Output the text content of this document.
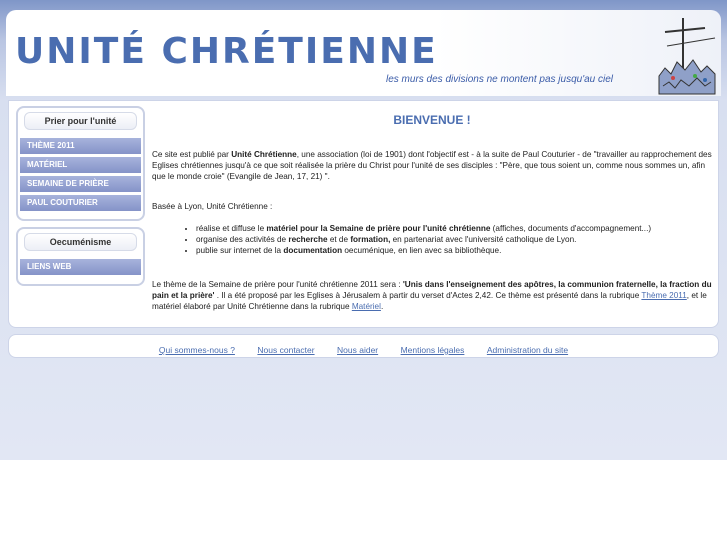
UNITÉ CHRÉTIENNE
les murs des divisions ne montent pas jusqu'au ciel
Prier pour l'unité
THÈME 2011
MATÉRIEL
SEMAINE DE PRIÈRE
PAUL COUTURIER
Oecuménisme
LIENS WEB
BIENVENUE !

Ce site est publié par Unité Chrétienne, une association (loi de 1901) dont l'objectif est - à la suite de Paul Couturier - de "travailler au rapprochement des Eglises chrétiennes jusqu'à ce que soit réalisée la prière du Christ pour l'unité de ses disciples : "Père, que tous soient un, comme nous sommes un, afin que le monde croie" (Evangile de Jean, 17, 21) ".

Basée à Lyon, Unité Chrétienne :

• réalise et diffuse le matériel pour la Semaine de prière pour l'unité chrétienne (affiches, documents d'accompagnement...)
• organise des activités de recherche et de formation, en partenariat avec l'université catholique de Lyon.
• publie sur internet de la documentation oecuménique, en lien avec sa bibliothèque.

Le thème de la Semaine de prière pour l'unité chrétienne 2011 sera : 'Unis dans l'enseignement des apôtres, la communion fraternelle, la fraction du pain et la prière' . Il a été proposé par les Eglises à Jérusalem à partir du verset d'Actes 2,42. Ce thème est présenté dans la rubrique Thème 2011, et le matériel élaboré par Unité Chrétienne dans la rubrique Matériel.

Qui sommes-nous ?	Nous contacter	Nous aider	Mentions légales	Administration du site
